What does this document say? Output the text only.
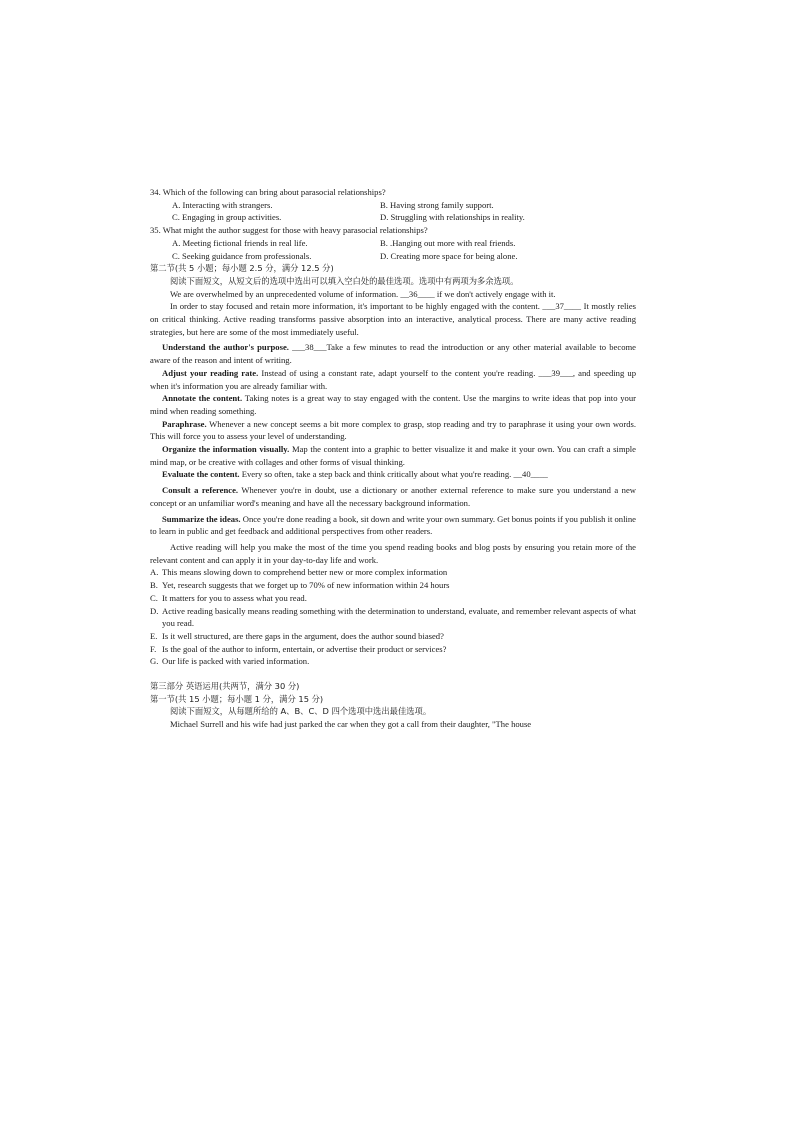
34. Which of the following can bring about parasocial relationships?
A. Interacting with strangers.	B. Having strong family support.
C. Engaging in group activities.	D. Struggling with relationships in reality.
35. What might the author suggest for those with heavy parasocial relationships?
A. Meeting fictional friends in real life.	B. .Hanging out more with real friends.
C. Seeking guidance from professionals.	D. Creating more space for being alone.
第二节(共 5 小题；每小题 2.5 分，满分 12.5 分)
阅读下面短文，从短文后的选项中选出可以填入空白处的最佳选项。选项中有两项为多余选项。
We are overwhelmed by an unprecedented volume of information. __36____ if we don't actively engage with it.
In order to stay focused and retain more information, it's important to be highly engaged with the content. ___37____ It mostly relies on critical thinking. Active reading transforms passive absorption into an interactive, analytical process. There are many active reading strategies, but here are some of the most immediately useful.
Understand the author's purpose. ___38___Take a few minutes to read the introduction or any other material available to become aware of the reason and intent of writing.
Adjust your reading rate. Instead of using a constant rate, adapt yourself to the content you're reading. ___39___, and speeding up when it's information you are already familiar with.
Annotate the content. Taking notes is a great way to stay engaged with the content. Use the margins to write ideas that pop into your mind when reading something.
Paraphrase. Whenever a new concept seems a bit more complex to grasp, stop reading and try to paraphrase it using your own words. This will force you to assess your level of understanding.
Organize the information visually. Map the content into a graphic to better visualize it and make it your own. You can craft a simple mind map, or be creative with collages and other forms of visual thinking.
Evaluate the content. Every so often, take a step back and think critically about what you're reading. __40____
Consult a reference. Whenever you're in doubt, use a dictionary or another external reference to make sure you understand a new concept or an unfamiliar word's meaning and have all the necessary background information.
Summarize the ideas. Once you're done reading a book, sit down and write your own summary. Get bonus points if you publish it online to learn in public and get feedback and additional perspectives from other readers.
Active reading will help you make the most of the time you spend reading books and blog posts by ensuring you retain more of the relevant content and can apply it in your day-to-day life and work.
A. This means slowing down to comprehend better new or more complex information
B. Yet, research suggests that we forget up to 70% of new information within 24 hours
C. It matters for you to assess what you read.
D. Active reading basically means reading something with the determination to understand, evaluate, and remember relevant aspects of what you read.
E. Is it well structured, are there gaps in the argument, does the author sound biased?
F. Is the goal of the author to inform, entertain, or advertise their product or services?
G. Our life is packed with varied information.
第三部分 英语运用(共两节，满分 30 分)
第一节(共 15 小题；每小题 1 分，满分 15 分)
阅读下面短文，从每题所给的 A、B、C、D 四个选项中选出最佳选项。
Michael Surrell and his wife had just parked the car when they got a call from their daughter, "The house
